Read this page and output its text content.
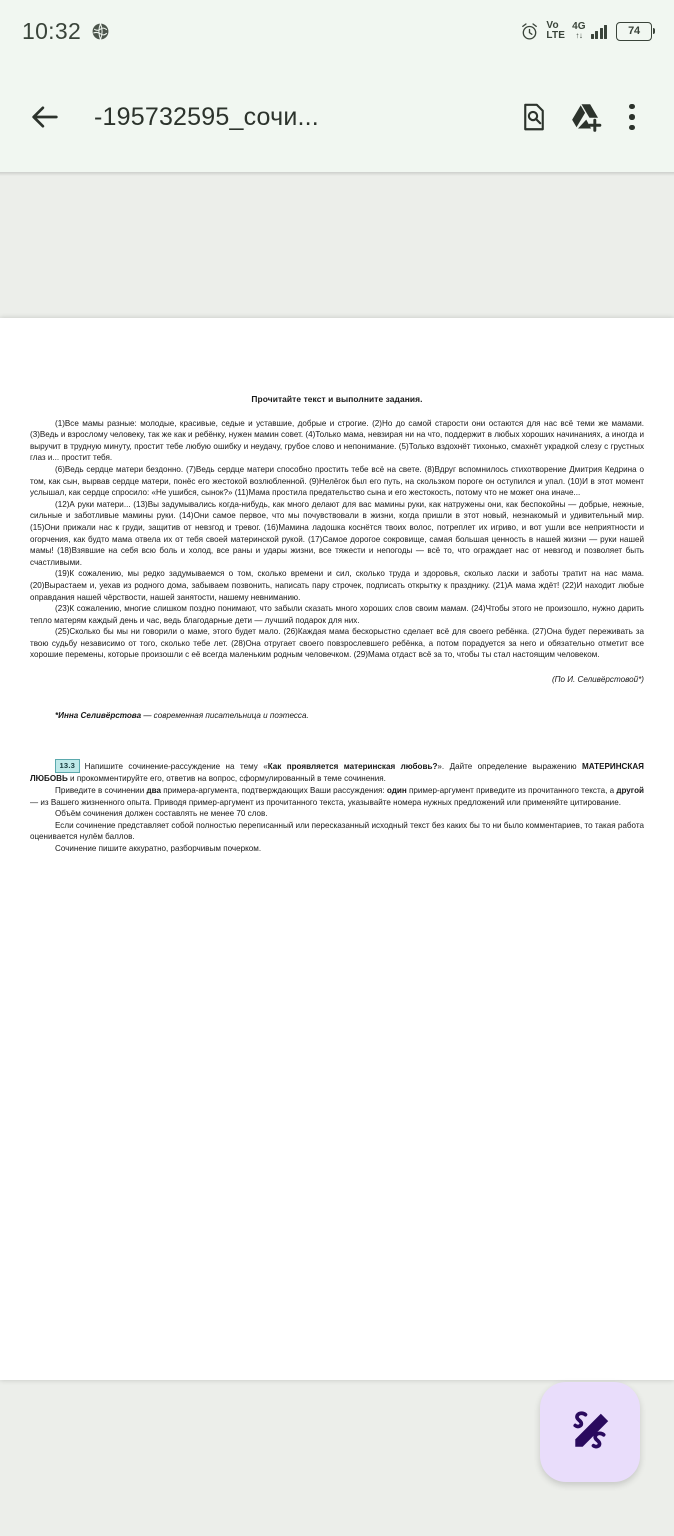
10:32	Vo
LTE
4G
↑↓	74
-195732595_сочи...
Прочитайте текст и выполните задания.

(1)Все мамы разные: молодые, красивые, седые и уставшие, добрые и строгие. (2)Но до самой старости они остаются для нас всё теми же мамами. (3)Ведь и взрослому человеку, так же как и ребёнку, нужен мамин совет. (4)Только мама, невзирая ни на что, поддержит в любых хороших начинаниях, а иногда и выручит в трудную минуту, простит тебе любую ошибку и неудачу, грубое слово и непонимание. (5)Только вздохнёт тихонько, смахнёт украдкой слезу с грустных глаз и... простит тебя.

(6)Ведь сердце матери бездонно. (7)Ведь сердце матери способно простить тебе всё на свете. (8)Вдруг вспомнилось стихотворение Дмитрия Кедрина о том, как сын, вырвав сердце матери, понёс его жестокой возлюбленной. (9)Нелёгок был его путь, на скользком пороге он оступился и упал. (10)И в этот момент услышал, как сердце спросило: «Не ушибся, сынок?» (11)Мама простила предательство сына и его жестокость, потому что не может она иначе...

(12)А руки матери... (13)Вы задумывались когда-нибудь, как много делают для вас мамины руки, как натружены они, как беспокойны — добрые, нежные, сильные и заботливые мамины руки. (14)Они самое первое, что мы почувствовали в жизни, когда пришли в этот новый, незнакомый и удивительный мир. (15)Они прижали нас к груди, защитив от невзгод и тревог. (16)Мамина ладошка коснётся твоих волос, потреплет их игриво, и вот ушли все неприятности и огорчения, как будто мама отвела их от тебя своей материнской рукой. (17)Самое дорогое сокровище, самая большая ценность в нашей жизни — руки нашей мамы! (18)Взявшие на себя всю боль и холод, все раны и удары жизни, все тяжести и непогоды — всё то, что ограждает нас от невзгод и позволяет быть счастливыми.

(19)К сожалению, мы редко задумываемся о том, сколько времени и сил, сколько труда и здоровья, сколько ласки и заботы тратит на нас мама. (20)Вырастаем и, уехав из родного дома, забываем позвонить, написать пару строчек, подписать открытку к празднику. (21)А мама ждёт! (22)И находит любые оправдания нашей чёрствости, нашей занятости, нашему невниманию.

(23)К сожалению, многие слишком поздно понимают, что забыли сказать много хороших слов своим мамам. (24)Чтобы этого не произошло, нужно дарить тепло матерям каждый день и час, ведь благодарные дети — лучший подарок для них.

(25)Сколько бы мы ни говорили о маме, этого будет мало. (26)Каждая мама бескорыстно сделает всё для своего ребёнка. (27)Она будет переживать за твою судьбу независимо от того, сколько тебе лет. (28)Она отругает своего повзрослевшего ребёнка, а потом порадуется за него и обязательно отметит все хорошие перемены, которые произошли с её всегда маленьким родным человечком. (29)Мама отдаст всё за то, чтобы ты стал настоящим человеком.

(По И. Селивёрстовой*)

*Инна Селивёрстова — современная писательница и поэтесса.

13.3 Напишите сочинение-рассуждение на тему «Как проявляется материнская любовь?». Дайте определение выражению МАТЕРИНСКАЯ ЛЮБОВЬ и прокомментируйте его, ответив на вопрос, сформулированный в теме сочинения.

Приведите в сочинении два примера-аргумента, подтверждающих Ваши рассуждения: один пример-аргумент приведите из прочитанного текста, а другой — из Вашего жизненного опыта. Приводя пример-аргумент из прочитанного текста, указывайте номера нужных предложений или применяйте цитирование.

Объём сочинения должен составлять не менее 70 слов.

Если сочинение представляет собой полностью переписанный или пересказанный исходный текст без каких бы то ни было комментариев, то такая работа оценивается нулём баллов.

Сочинение пишите аккуратно, разборчивым почерком.
